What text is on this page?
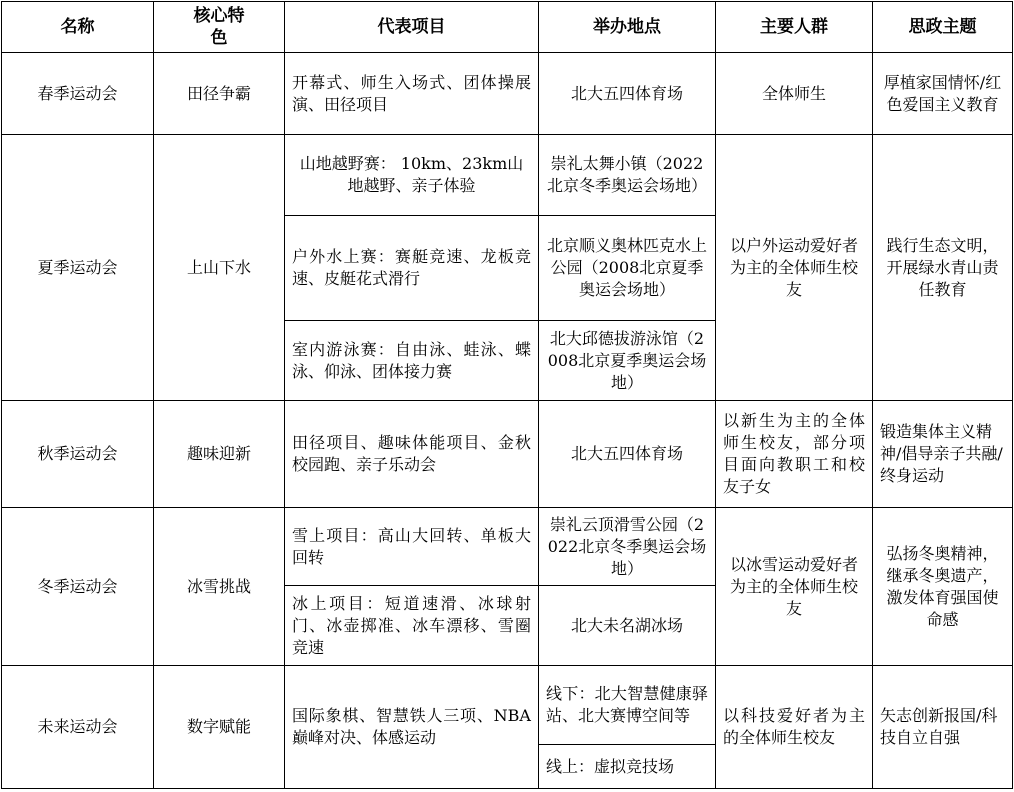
名称	核心特色	代表项目	举办地点	主要人群	思政主题
春季运动会	田径争霸	开幕式、师生入场式、团体操展演、田径项目	北大五四体育场	全体师生	厚植家国情怀/红色爱国主义教育
夏季运动会	上山下水	山地越野赛： 10km、23km山地越野、亲子体验	崇礼太舞小镇（2022北京冬季奥运会场地）	以户外运动爱好者为主的全体师生校友	践行生态文明，开展绿水青山责任教育
		户外水上赛：赛艇竞速、龙板竞速、皮艇花式滑行	北京顺义奥林匹克水上公园（2008北京夏季奥运会场地）		
		室内游泳赛：自由泳、蛙泳、蝶泳、仰泳、团体接力赛	北大邱德拔游泳馆（2008北京夏季奥运会场地）		
秋季运动会	趣味迎新	田径项目、趣味体能项目、金秋校园跑、亲子乐动会	北大五四体育场	以新生为主的全体师生校友，部分项目面向教职工和校友子女	锻造集体主义精神/倡导亲子共融/终身运动
冬季运动会	冰雪挑战	雪上项目：高山大回转、单板大回转	崇礼云顶滑雪公园（2022北京冬季奥运会场地）	以冰雪运动爱好者为主的全体师生校友	弘扬冬奥精神，继承冬奥遗产，激发体育强国使命感
		冰上项目：短道速滑、冰球射门、冰壶掷准、冰车漂移、雪圈竞速	北大未名湖冰场		
未来运动会	数字赋能	国际象棋、智慧铁人三项、NBA巅峰对决、体感运动	线下：北大智慧健康驿站、北大赛博空间等	以科技爱好者为主的全体师生校友	矢志创新报国/科技自立自强
			线上：虚拟竞技场		
